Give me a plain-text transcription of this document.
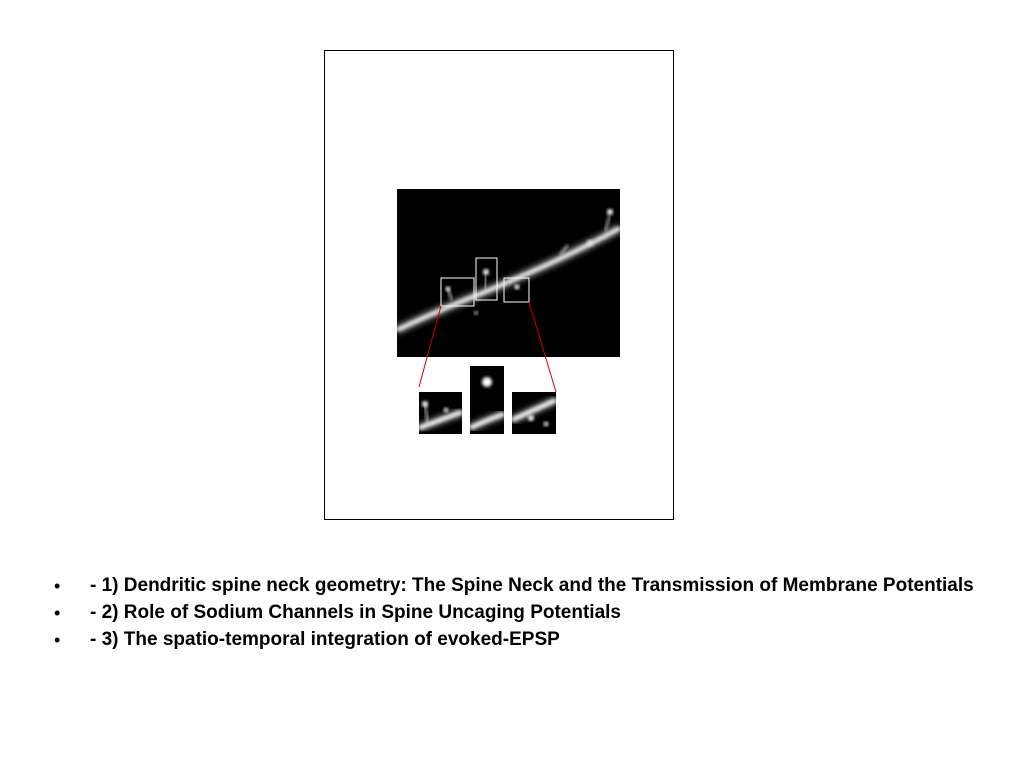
• - 1) Dendritic spine neck geometry: The Spine Neck and the Transmission of Membrane Potentials
• - 2) Role of Sodium Channels in Spine Uncaging Potentials
• - 3) The spatio-temporal integration of evoked-EPSP
